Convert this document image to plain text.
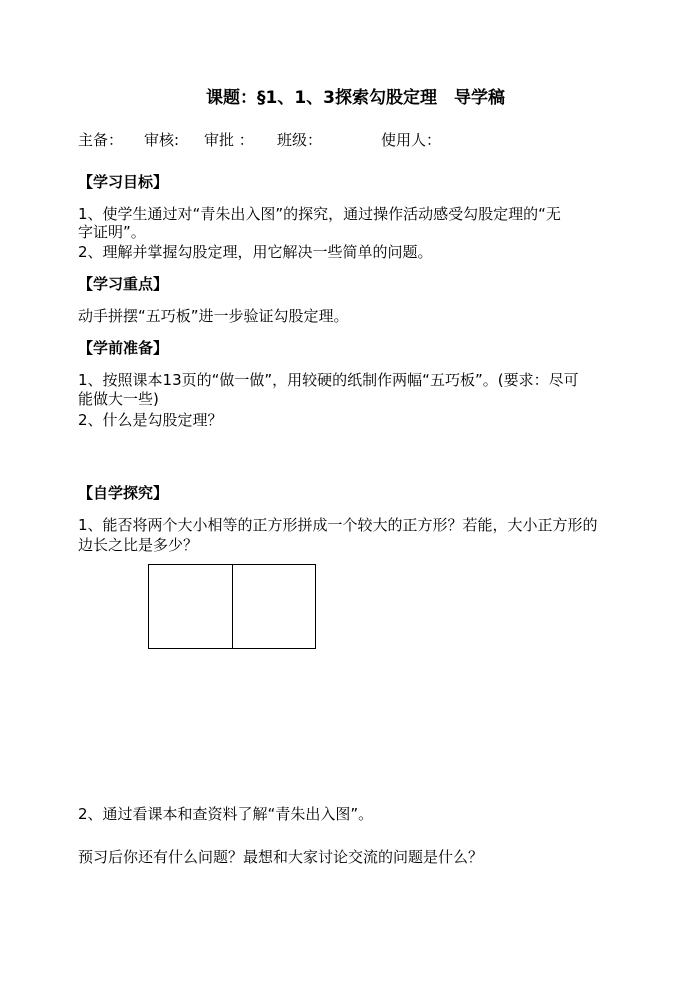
课题：§1、1、3探索勾股定理　导学稿
主备： 审核: 审批 ： 班级：	使用人：
【学习目标】
1、使学生通过对“青朱出入图”的探究，通过操作活动感受勾股定理的“无
字证明”。
2、理解并掌握勾股定理，用它解决一些简单的问题。
【学习重点】
动手拼摆“五巧板”进一步验证勾股定理。
【学前准备】
1、按照课本13页的“做一做”，用较硬的纸制作两幅“五巧板”。(要求：尽可
能做大一些)
2、什么是勾股定理？
【自学探究】
1、能否将两个大小相等的正方形拼成一个较大的正方形？若能，大小正方形的
边长之比是多少？
2、通过看课本和查资料了解“青朱出入图”。
预习后你还有什么问题？最想和大家讨论交流的问题是什么？
